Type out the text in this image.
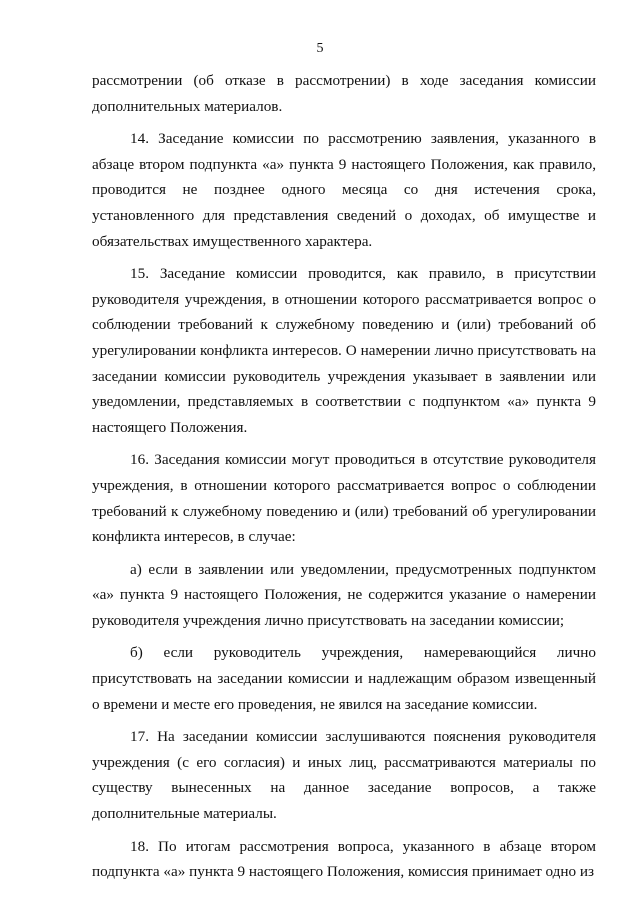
5

рассмотрении (об отказе в рассмотрении) в ходе заседания комиссии дополнительных материалов.

14. Заседание комиссии по рассмотрению заявления, указанного в абзаце втором подпункта «а» пункта 9 настоящего Положения, как правило, проводится не позднее одного месяца со дня истечения срока, установленного для представления сведений о доходах, об имуществе и обязательствах имущественного характера.

15. Заседание комиссии проводится, как правило, в присутствии руководителя учреждения, в отношении которого рассматривается вопрос о соблюдении требований к служебному поведению и (или) требований об урегулировании конфликта интересов. О намерении лично присутствовать на заседании комиссии руководитель учреждения указывает в заявлении или уведомлении, представляемых в соответствии с подпунктом «а» пункта 9 настоящего Положения.

16. Заседания комиссии могут проводиться в отсутствие руководителя учреждения, в отношении которого рассматривается вопрос о соблюдении требований к служебному поведению и (или) требований об урегулировании конфликта интересов, в случае:

а) если в заявлении или уведомлении, предусмотренных подпунктом «а» пункта 9 настоящего Положения, не содержится указание о намерении руководителя учреждения лично присутствовать на заседании комиссии;

б) если руководитель учреждения, намеревающийся лично присутствовать на заседании комиссии и надлежащим образом извещенный о времени и месте его проведения, не явился на заседание комиссии.

17. На заседании комиссии заслушиваются пояснения руководителя учреждения (с его согласия) и иных лиц, рассматриваются материалы по существу вынесенных на данное заседание вопросов, а также дополнительные материалы.

18. По итогам рассмотрения вопроса, указанного в абзаце втором подпункта «а» пункта 9 настоящего Положения, комиссия принимает одно из
